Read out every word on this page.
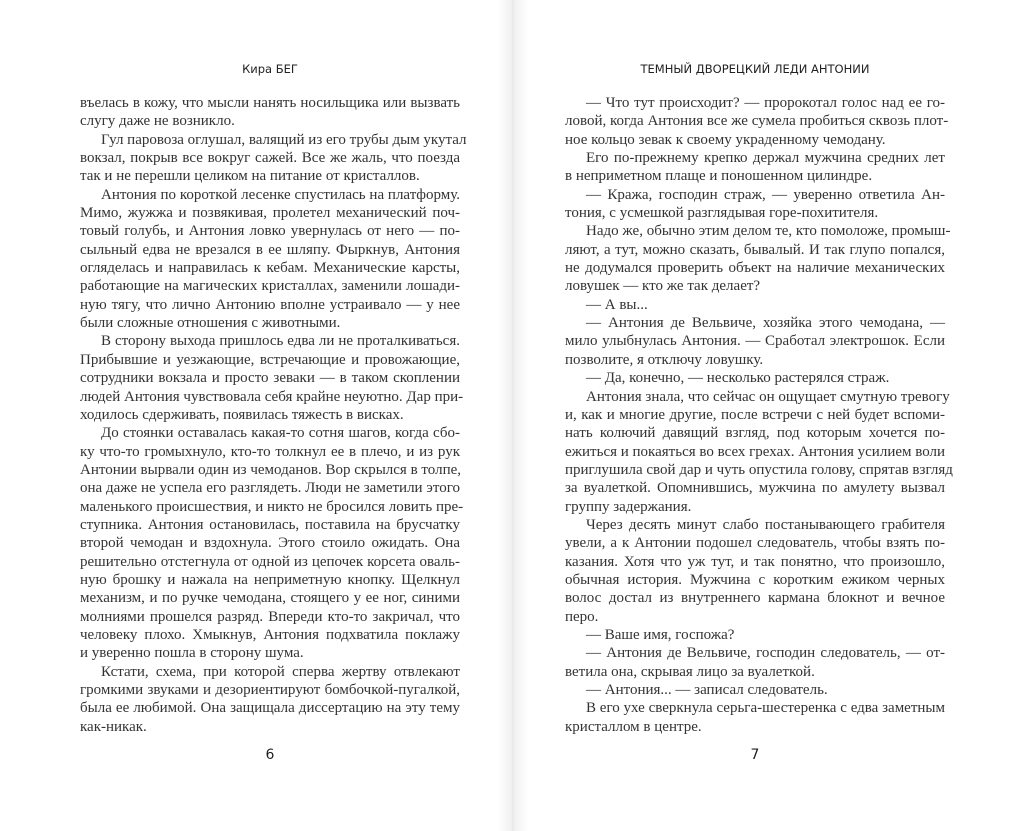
Кира БЕГ
въелась в кожу, что мысли нанять носильщика или вызвать
слугу даже не возникло.
Гул паровоза оглушал, валящий из его трубы дым укутал
вокзал, покрыв все вокруг сажей. Все же жаль, что поезда
так и не перешли целиком на питание от кристаллов.
Антония по короткой лесенке спустилась на платформу.
Мимо, жужжа и позвякивая, пролетел механический поч-
товый голубь, и Антония ловко увернулась от него — по-
сыльный едва не врезался в ее шляпу. Фыркнув, Антония
огляделась и направилась к кебам. Механические карсты,
работающие на магических кристаллах, заменили лошади-
ную тягу, что лично Антонию вполне устраивало — у нее
были сложные отношения с животными.
В сторону выхода пришлось едва ли не проталкиваться.
Прибывшие и уезжающие, встречающие и провожающие,
сотрудники вокзала и просто зеваки — в таком скоплении
людей Антония чувствовала себя крайне неуютно. Дар при-
ходилось сдерживать, появилась тяжесть в висках.
До стоянки оставалась какая-то сотня шагов, когда сбо-
ку что-то громыхнуло, кто-то толкнул ее в плечо, и из рук
Антонии вырвали один из чемоданов. Вор скрылся в толпе,
она даже не успела его разглядеть. Люди не заметили этого
маленького происшествия, и никто не бросился ловить пре-
ступника. Антония остановилась, поставила на брусчатку
второй чемодан и вздохнула. Этого стоило ожидать. Она
решительно отстегнула от одной из цепочек корсета оваль-
ную брошку и нажала на неприметную кнопку. Щелкнул
механизм, и по ручке чемодана, стоящего у ее ног, синими
молниями прошелся разряд. Впереди кто-то закричал, что
человеку плохо. Хмыкнув, Антония подхватила поклажу
и уверенно пошла в сторону шума.
Кстати, схема, при которой сперва жертву отвлекают
громкими звуками и дезориентируют бомбочкой-пугалкой,
была ее любимой. Она защищала диссертацию на эту тему
как-никак.
6
ТЕМНЫЙ ДВОРЕЦКИЙ ЛЕДИ АНТОНИИ
— Что тут происходит? — пророкотал голос над ее го-
ловой, когда Антония все же сумела пробиться сквозь плот-
ное кольцо зевак к своему украденному чемодану.
Его по-прежнему крепко держал мужчина средних лет
в неприметном плаще и поношенном цилиндре.
— Кража, господин страж, — уверенно ответила Ан-
тония, с усмешкой разглядывая горе-похитителя.
Надо же, обычно этим делом те, кто помоложе, промыш-
ляют, а тут, можно сказать, бывалый. И так глупо попался,
не додумался проверить объект на наличие механических
ловушек — кто же так делает?
— А вы...
— Антония де Вельвиче, хозяйка этого чемодана, —
мило улыбнулась Антония. — Сработал электрошок. Если
позволите, я отключу ловушку.
— Да, конечно, — несколько растерялся страж.
Антония знала, что сейчас он ощущает смутную тревогу
и, как и многие другие, после встречи с ней будет вспоми-
нать колючий давящий взгляд, под которым хочется по-
ежиться и покаяться во всех грехах. Антония усилием воли
приглушила свой дар и чуть опустила голову, спрятав взгляд
за вуалеткой. Опомнившись, мужчина по амулету вызвал
группу задержания.
Через десять минут слабо постанывающего грабителя
увели, а к Антонии подошел следователь, чтобы взять по-
казания. Хотя что уж тут, и так понятно, что произошло,
обычная история. Мужчина с коротким ежиком черных
волос достал из внутреннего кармана блокнот и вечное
перо.
— Ваше имя, госпожа?
— Антония де Вельвиче, господин следователь, — от-
ветила она, скрывая лицо за вуалеткой.
— Антония... — записал следователь.
В его ухе сверкнула серьга-шестеренка с едва заметным
кристаллом в центре.
7
